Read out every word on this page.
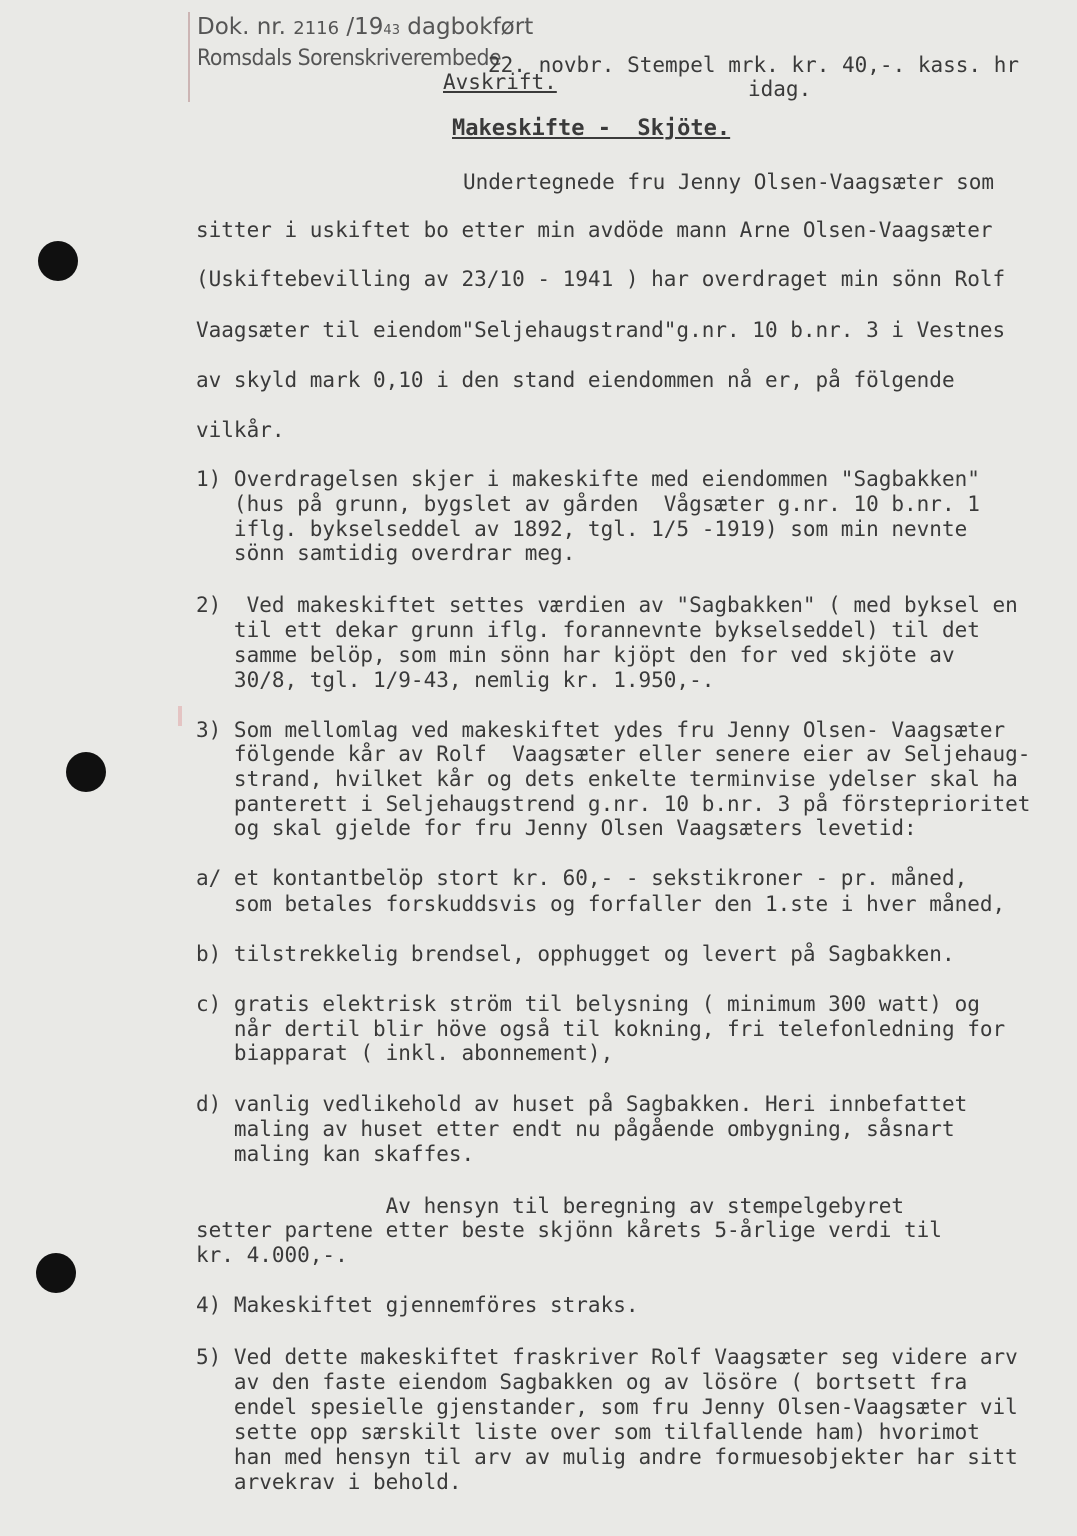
Dok. nr. 2116 /1943 dagbokført
Romsdals Sorenskriverembede
22. novbr. Stempel mrk. kr. 40,-. kass. hr
Avskrift.	idag.
Makeskifte -  Skjöte.
Undertegnede fru Jenny Olsen-Vaagsæter som
sitter i uskiftet bo etter min avdöde mann Arne Olsen-Vaagsæter
(Uskiftebevilling av 23/10 - 1941 ) har overdraget min sönn Rolf
Vaagsæter til eiendom"Seljehaugstrand"g.nr. 10 b.nr. 3 i Vestnes
av skyld mark 0,10 i den stand eiendommen nå er, på fölgende
vilkår.
1) Overdragelsen skjer i makeskifte med eiendommen "Sagbakken"
(hus på grunn, bygslet av gården  Vågsæter g.nr. 10 b.nr. 1
iflg. bykselseddel av 1892, tgl. 1/5 -1919) som min nevnte
sönn samtidig overdrar meg.
2)  Ved makeskiftet settes værdien av "Sagbakken" ( med byksel en
til ett dekar grunn iflg. forannevnte bykselseddel) til det
samme belöp, som min sönn har kjöpt den for ved skjöte av
30/8, tgl. 1/9-43, nemlig kr. 1.950,-.
3) Som mellomlag ved makeskiftet ydes fru Jenny Olsen- Vaagsæter
fölgende kår av Rolf  Vaagsæter eller senere eier av Seljehaug-
strand, hvilket kår og dets enkelte terminvise ydelser skal ha
panterett i Seljehaugstrend g.nr. 10 b.nr. 3 på försteprioritet
og skal gjelde for fru Jenny Olsen Vaagsæters levetid:
a/ et kontantbelöp stort kr. 60,- - sekstikroner - pr. måned,
som betales forskuddsvis og forfaller den 1.ste i hver måned,
b) tilstrekkelig brendsel, opphugget og levert på Sagbakken.
c) gratis elektrisk ström til belysning ( minimum 300 watt) og
når dertil blir höve også til kokning, fri telefonledning for
biapparat ( inkl. abonnement),
d) vanlig vedlikehold av huset på Sagbakken. Heri innbefattet
maling av huset etter endt nu pågående ombygning, såsnart
maling kan skaffes.
Av hensyn til beregning av stempelgebyret
setter partene etter beste skjönn kårets 5-årlige verdi til
kr. 4.000,-.
4) Makeskiftet gjennemföres straks.
5) Ved dette makeskiftet fraskriver Rolf Vaagsæter seg videre arv
av den faste eiendom Sagbakken og av lösöre ( bortsett fra
endel spesielle gjenstander, som fru Jenny Olsen-Vaagsæter vil
sette opp særskilt liste over som tilfallende ham) hvorimot
han med hensyn til arv av mulig andre formuesobjekter har sitt
arvekrav i behold.
